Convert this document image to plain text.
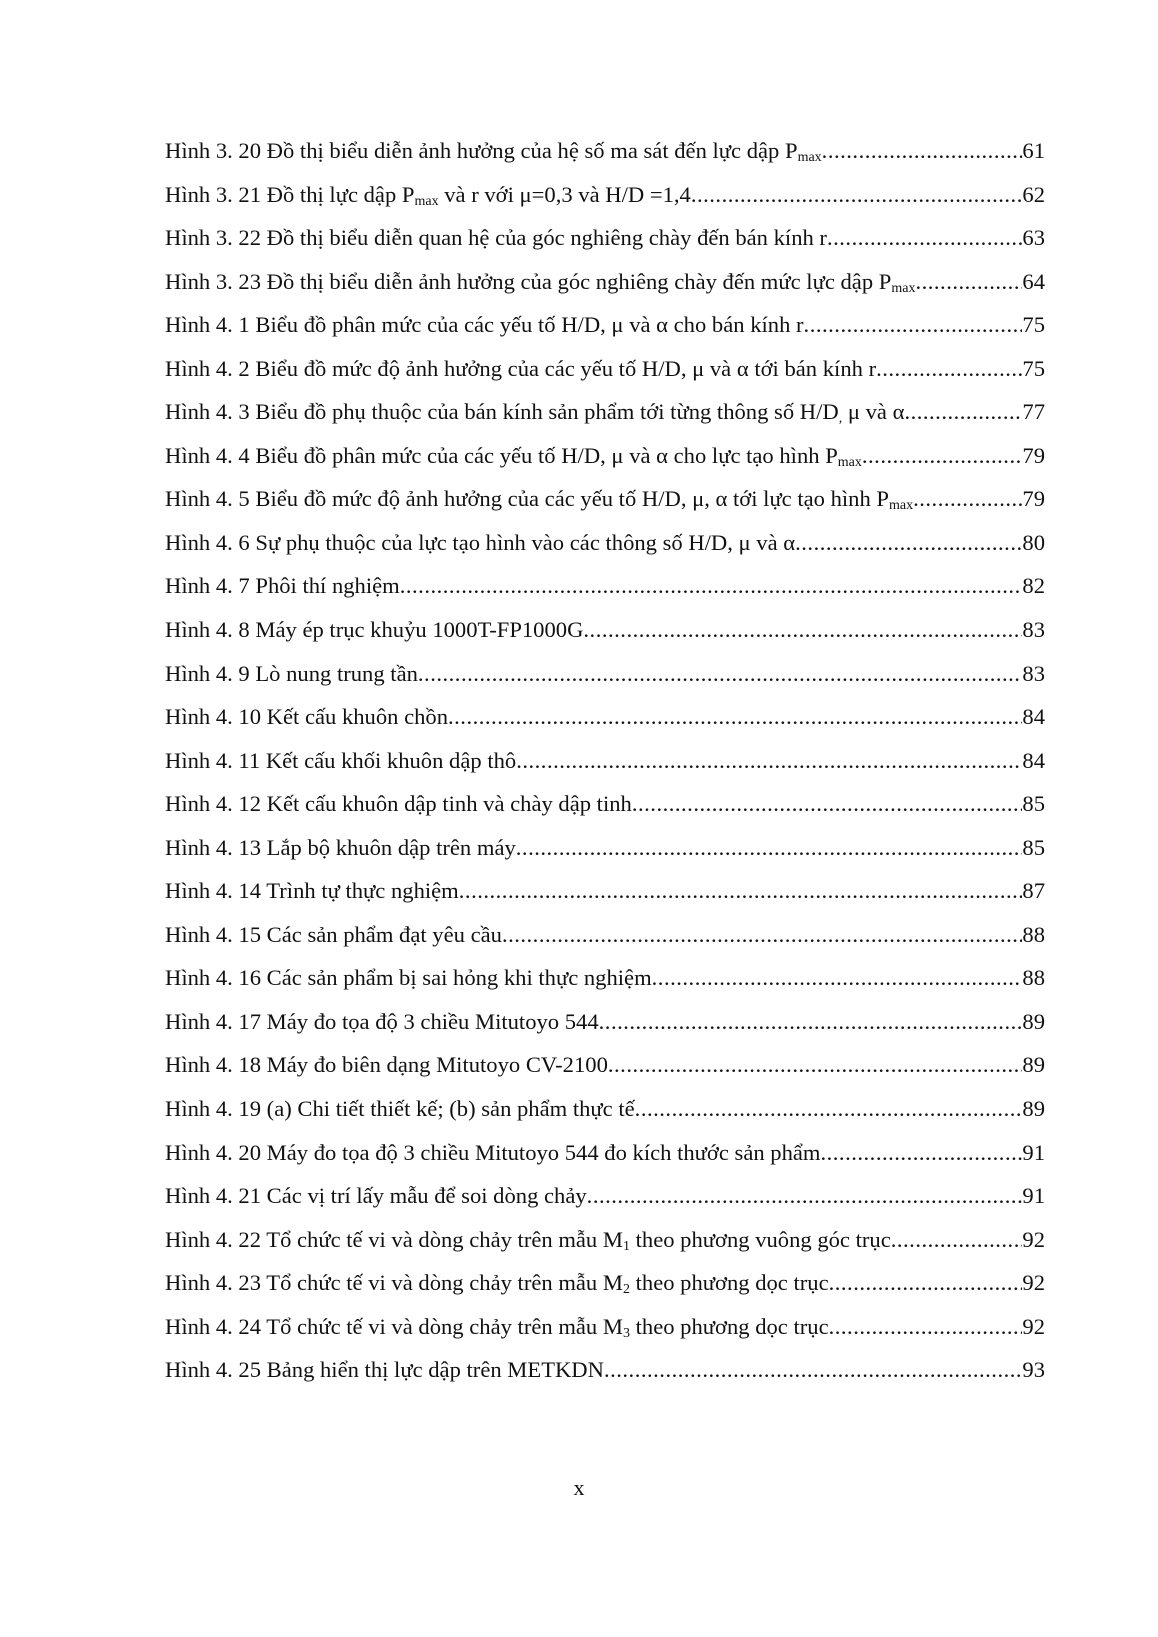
Hình 3. 20 Đồ thị biểu diễn ảnh hưởng của hệ số ma sát đến lực dập $P_{max}$ .....	61
Hình 3. 21 Đồ thị lực dập $P_{max}$ và r với μ=0,3 và H/D =1,4 .....	62
Hình 3. 22 Đồ thị biểu diễn quan hệ của góc nghiêng chày đến bán kính r .....	63
Hình 3. 23 Đồ thị biểu diễn ảnh hưởng của góc nghiêng chày đến mức lực dập $P_{max}$ .....	64
Hình 4. 1 Biểu đồ phân mức của các yếu tố H/D, μ và α cho bán kính r .....	75
Hình 4. 2 Biểu đồ mức độ ảnh hưởng của các yếu tố H/D, μ và α tới bán kính r .....	75
Hình 4. 3 Biểu đồ phụ thuộc của bán kính sản phẩm tới từng thông số $H/D_,$ μ và α .....	77
Hình 4. 4 Biểu đồ phân mức của các yếu tố H/D, μ và α cho lực tạo hình $P_{max}$ .....	79
Hình 4. 5 Biểu đồ mức độ ảnh hưởng của các yếu tố H/D, μ, α tới lực tạo hình $P_{max}$ .....	79
Hình 4. 6 Sự phụ thuộc của lực tạo hình vào các thông số H/D, μ và α .....	80
Hình 4. 7 Phôi thí nghiệm .....	82
Hình 4. 8 Máy ép trục khuỷu 1000T-FP1000G .....	83
Hình 4. 9 Lò nung trung tần .....	83
Hình 4. 10 Kết cấu khuôn chồn .....	84
Hình 4. 11 Kết cấu khối khuôn dập thô .....	84
Hình 4. 12 Kết cấu khuôn dập tinh và chày dập tinh .....	85
Hình 4. 13 Lắp bộ khuôn dập trên máy .....	85
Hình 4. 14 Trình tự thực nghiệm .....	87
Hình 4. 15 Các sản phẩm đạt yêu cầu .....	88
Hình 4. 16 Các sản phẩm bị sai hỏng khi thực nghiệm .....	88
Hình 4. 17 Máy đo tọa độ 3 chiều Mitutoyo 544 .....	89
Hình 4. 18 Máy đo biên dạng Mitutoyo CV-2100 .....	89
Hình 4. 19 (a) Chi tiết thiết kế; (b) sản phẩm thực tế .....	89
Hình 4. 20 Máy đo tọa độ 3 chiều Mitutoyo 544 đo kích thước sản phẩm .....	91
Hình 4. 21 Các vị trí lấy mẫu để soi dòng chảy .....	91
Hình 4. 22 Tổ chức tế vi và dòng chảy trên mẫu $M_1$ theo phương vuông góc trục .....	92
Hình 4. 23 Tổ chức tế vi và dòng chảy trên mẫu $M_2$ theo phương dọc trục .....	92
Hình 4. 24 Tổ chức tế vi và dòng chảy trên mẫu $M_3$ theo phương dọc trục .....	92
Hình 4. 25 Bảng hiển thị lực dập trên METKDN .....	93
x
